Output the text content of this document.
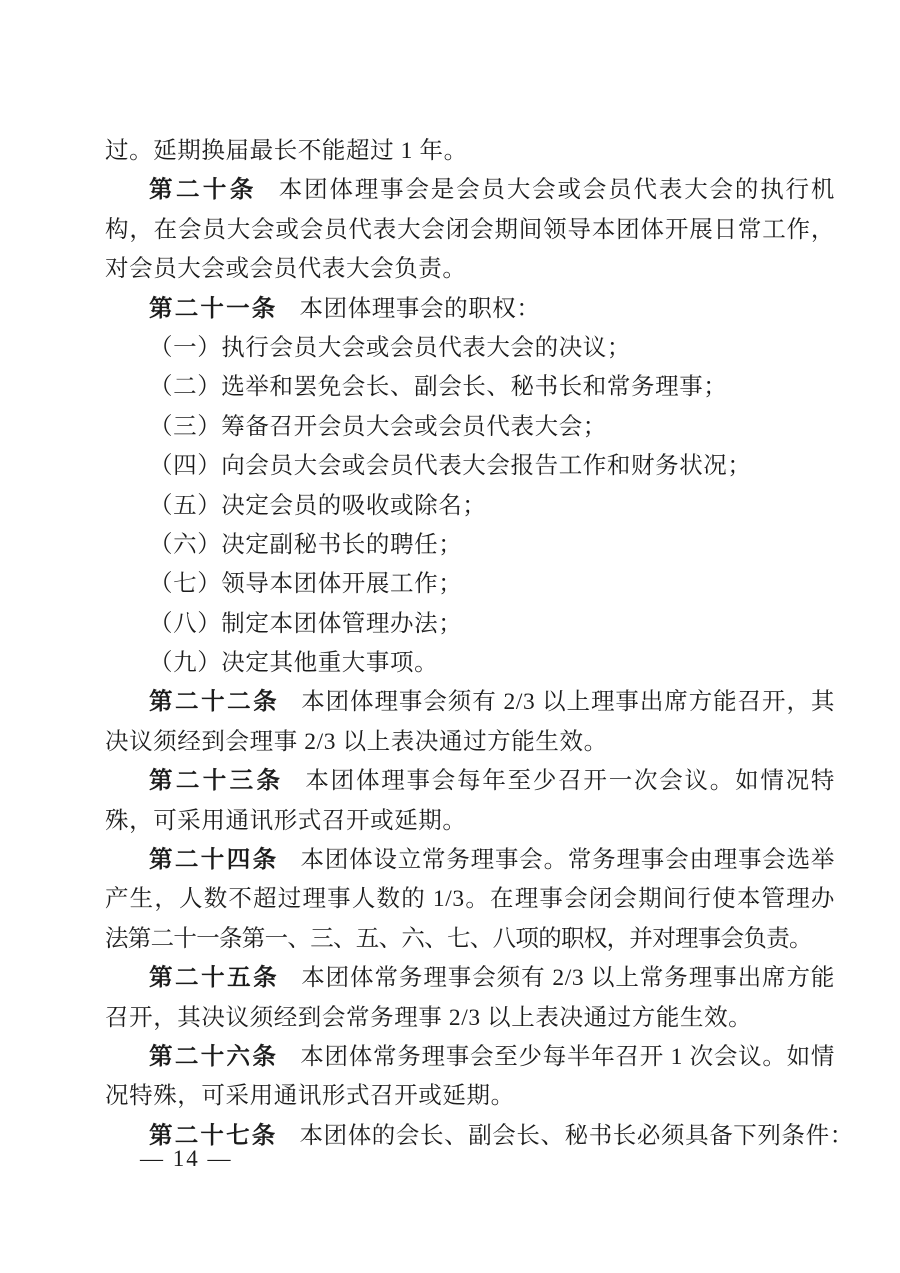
过。延期换届最长不能超过 1 年。
第二十条 本团体理事会是会员大会或会员代表大会的执行机
构，在会员大会或会员代表大会闭会期间领导本团体开展日常工作，
对会员大会或会员代表大会负责。
第二十一条 本团体理事会的职权：
（一）执行会员大会或会员代表大会的决议；
（二）选举和罢免会长、副会长、秘书长和常务理事；
（三）筹备召开会员大会或会员代表大会；
（四）向会员大会或会员代表大会报告工作和财务状况；
（五）决定会员的吸收或除名；
（六）决定副秘书长的聘任；
（七）领导本团体开展工作；
（八）制定本团体管理办法；
（九）决定其他重大事项。
第二十二条 本团体理事会须有 2/3 以上理事出席方能召开，其
决议须经到会理事 2/3 以上表决通过方能生效。
第二十三条 本团体理事会每年至少召开一次会议。如情况特
殊，可采用通讯形式召开或延期。
第二十四条 本团体设立常务理事会。常务理事会由理事会选举
产生，人数不超过理事人数的 1/3。在理事会闭会期间行使本管理办
法第二十一条第一、三、五、六、七、八项的职权，并对理事会负责。
第二十五条 本团体常务理事会须有 2/3 以上常务理事出席方能
召开，其决议须经到会常务理事 2/3 以上表决通过方能生效。
第二十六条 本团体常务理事会至少每半年召开 1 次会议。如情
况特殊，可采用通讯形式召开或延期。
第二十七条 本团体的会长、副会长、秘书长必须具备下列条件：
— 14 —
